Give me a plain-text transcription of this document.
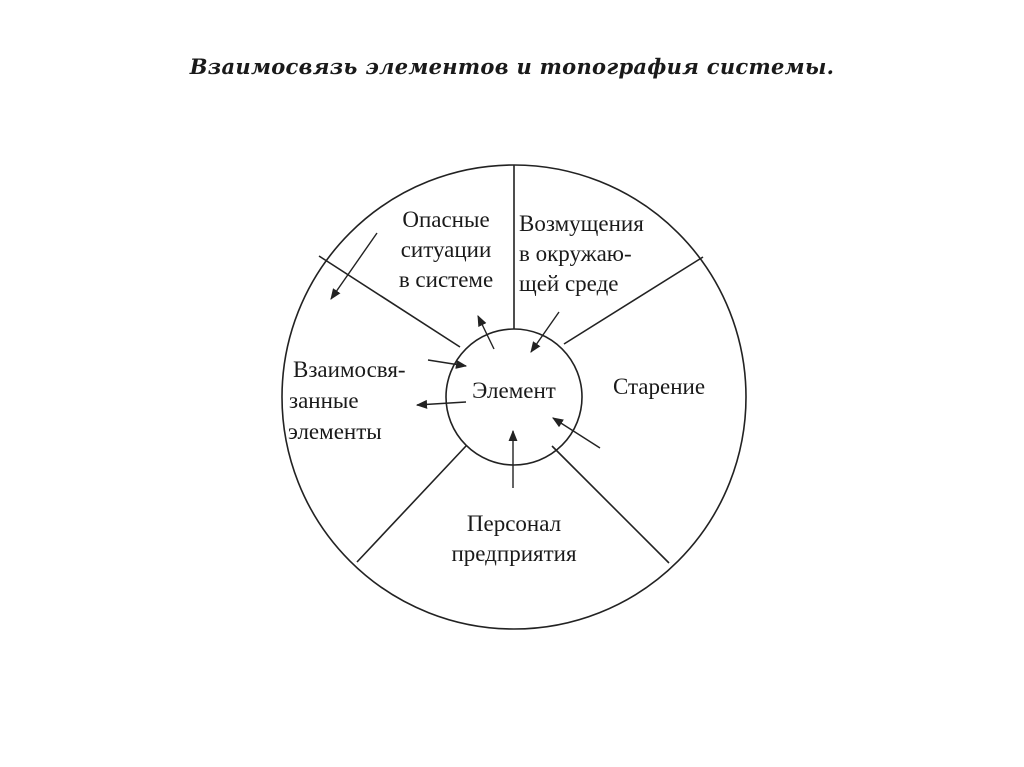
Взаимосвязь элементов и топография системы.
Элемент
Опасные
ситуации
в системе
Возмущения
в окружаю-
щей среде
Старение
Персонал
предприятия
Взаимосвя-
занные
элементы
